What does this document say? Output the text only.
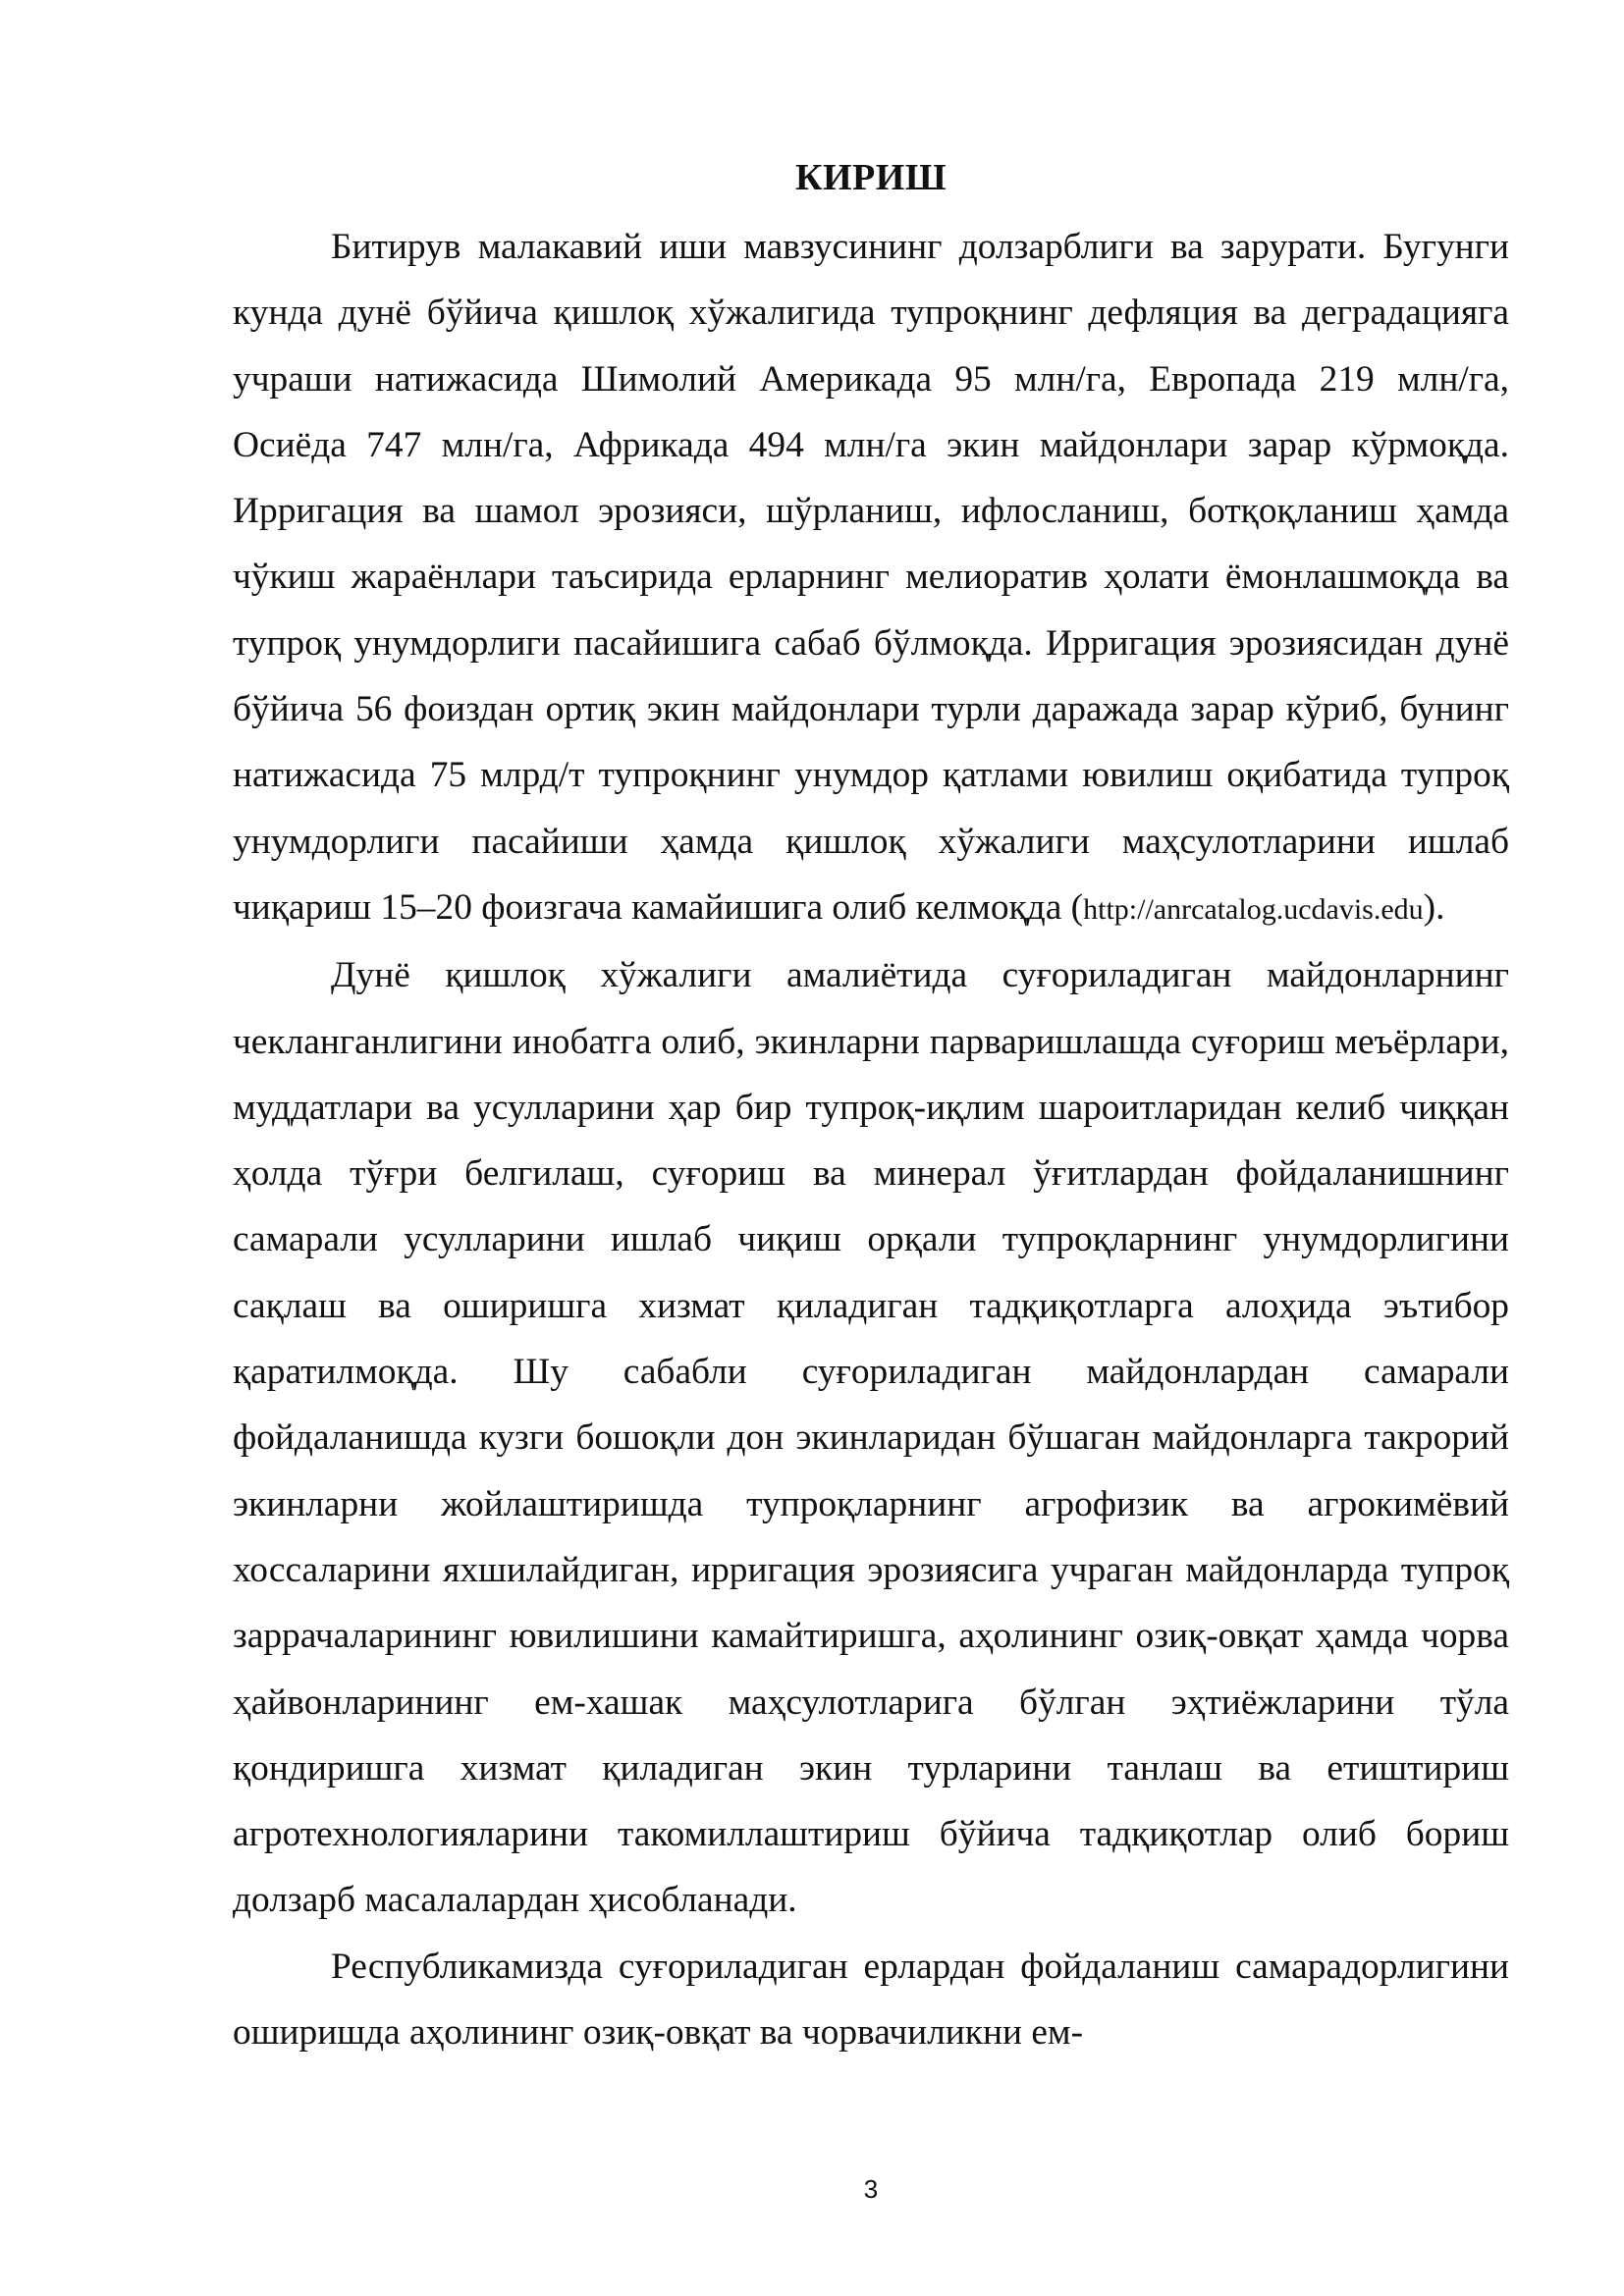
КИРИШ

Битирув малакавий иши мавзусининг долзарблиги ва зарурати. Бугунги кунда дунё бўйича қишлоқ хўжалигида тупроқнинг дефляция ва деградацияга учраши натижасида Шимолий Америкада 95 млн/га, Европада 219 млн/га, Осиёда 747 млн/га, Африкада 494 млн/га экин майдонлари зарар кўрмоқда. Ирригация ва шамол эрозияси, шўрланиш, ифлосланиш, ботқоқланиш ҳамда чўкиш жараёнлари таъсирида ерларнинг мелиоратив ҳолати ёмонлашмоқда ва тупроқ унумдорлиги пасайишига сабаб бўлмоқда. Ирригация эрозиясидан дунё бўйича 56 фоиздан ортиқ экин майдонлари турли даражада зарар кўриб, бунинг натижасида 75 млрд/т тупроқнинг унумдор қатлами ювилиш оқибатида тупроқ унумдорлиги пасайиши ҳамда қишлоқ хўжалиги маҳсулотларини ишлаб чиқариш 15–20 фоизгача камайишига олиб келмоқда (http://anrcatalog.ucdavis.edu).

Дунё қишлоқ хўжалиги амалиётида суғориладиган майдонларнинг чекланганлигини инобатга олиб, экинларни парваришлашда суғориш меъёрлари, муддатлари ва усулларини ҳар бир тупроқ-иқлим шароитларидан келиб чиққан ҳолда тўғри белгилаш, суғориш ва минерал ўғитлардан фойдаланишнинг самарали усулларини ишлаб чиқиш орқали тупроқларнинг унумдорлигини сақлаш ва оширишга хизмат қиладиган тадқиқотларга алоҳида эътибор қаратилмоқда. Шу сабабли суғориладиган майдонлардан самарали фойдаланишда кузги бошоқли дон экинларидан бўшаган майдонларга такрорий экинларни жойлаштиришда тупроқларнинг агрофизик ва агрокимёвий хоссаларини яхшилайдиган, ирригация эрозиясига учраган майдонларда тупроқ заррачаларининг ювилишини камайтиришга, аҳолининг озиқ-овқат ҳамда чорва ҳайвонларининг ем-хашак маҳсулотларига бўлган эҳтиёжларини тўла қондиришга хизмат қиладиган экин турларини танлаш ва етиштириш агротехнологияларини такомиллаштириш бўйича тадқиқотлар олиб бориш долзарб масалалардан ҳисобланади.

Республикамизда суғориладиган ерлардан фойдаланиш самарадорлигини оширишда аҳолининг озиқ-овқат ва чорвачиликни ем-

3
